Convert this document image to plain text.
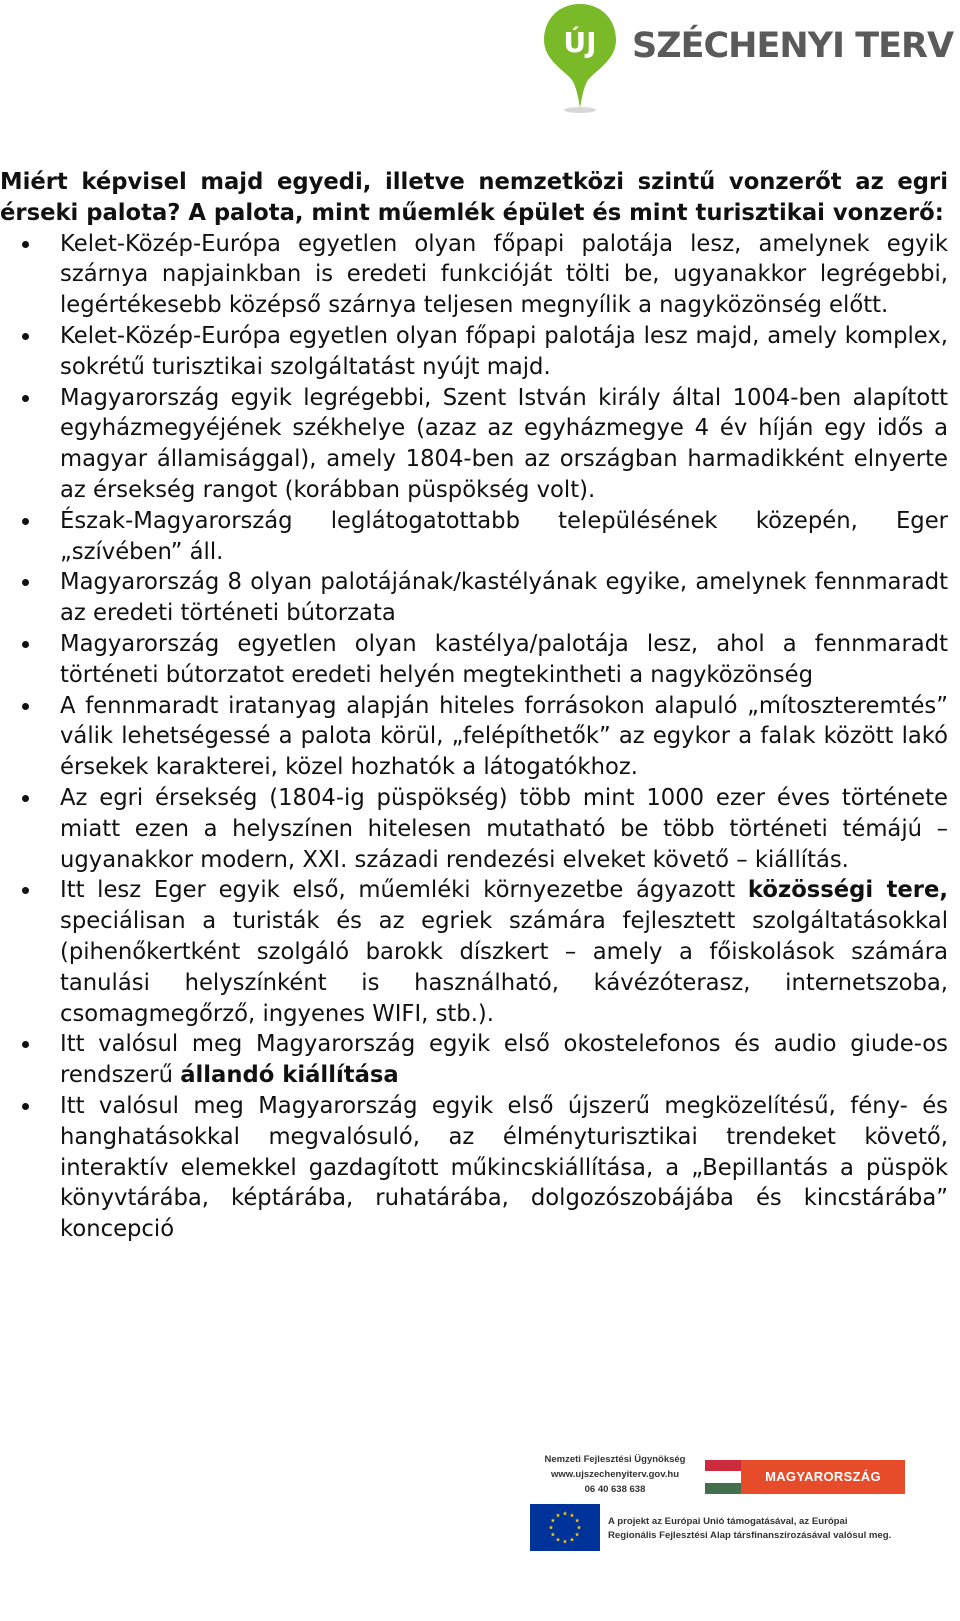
ÚJ SZÉCHENYI TERV

Miért képvisel majd egyedi, illetve nemzetközi szintű vonzerőt az egri érseki palota? A palota, mint műemlék épület és mint turisztikai vonzerő:

Kelet-Közép-Európa egyetlen olyan főpapi palotája lesz, amelynek egyik szárnya napjainkban is eredeti funkcióját tölti be, ugyanakkor legrégebbi, legértékesebb középső szárnya teljesen megnyílik a nagyközönség előtt.
Kelet-Közép-Európa egyetlen olyan főpapi palotája lesz majd, amely komplex, sokrétű turisztikai szolgáltatást nyújt majd.
Magyarország egyik legrégebbi, Szent István király által 1004-ben alapított egyházmegyéjének székhelye (azaz az egyházmegye 4 év híján egy idős a magyar államisággal), amely 1804-ben az országban harmadikként elnyerte az érsekség rangot (korábban püspökség volt).
Észak-Magyarország leglátogatottabb településének közepén, Eger „szívében” áll.
Magyarország 8 olyan palotájának/kastélyának egyike, amelynek fennmaradt az eredeti történeti bútorzata
Magyarország egyetlen olyan kastélya/palotája lesz, ahol a fennmaradt történeti bútorzatot eredeti helyén megtekintheti a nagyközönség
A fennmaradt iratanyag alapján hiteles forrásokon alapuló „mítoszteremtés” válik lehetségessé a palota körül, „felépíthetők” az egykor a falak között lakó érsekek karakterei, közel hozhatók a látogatókhoz.
Az egri érsekség (1804-ig püspökség) több mint 1000 ezer éves története miatt ezen a helyszínen hitelesen mutatható be több történeti témájú – ugyanakkor modern, XXI. századi rendezési elveket követő – kiállítás.
Itt lesz Eger egyik első, műemléki környezetbe ágyazott közösségi tere, speciálisan a turisták és az egriek számára fejlesztett szolgáltatásokkal (pihenőkertként szolgáló barokk díszkert – amely a főiskolások számára tanulási helyszínként is használható, kávézóterasz, internetszoba, csomagmegőrző, ingyenes WIFI, stb.).
Itt valósul meg Magyarország egyik első okostelefonos és audio giude-os rendszerű állandó kiállítása
Itt valósul meg Magyarország egyik első újszerű megközelítésű, fény- és hanghatásokkal megvalósuló, az élményturisztikai trendeket követő, interaktív elemekkel gazdagított műkincskiállítása, a „Bepillantás a püspök könyvtárába, képtárába, ruhatárába, dolgozószobájába és kincstárába” koncepció
Nemzeti Fejlesztési Ügynökség
www.ujszechenyiterv.gov.hu
06 40 638 638
MAGYARORSZÁG MEGÚJUL
A projekt az Európai Unió támogatásával, az Európai
Regionális Fejlesztési Alap társfinanszírozásával valósul meg.
